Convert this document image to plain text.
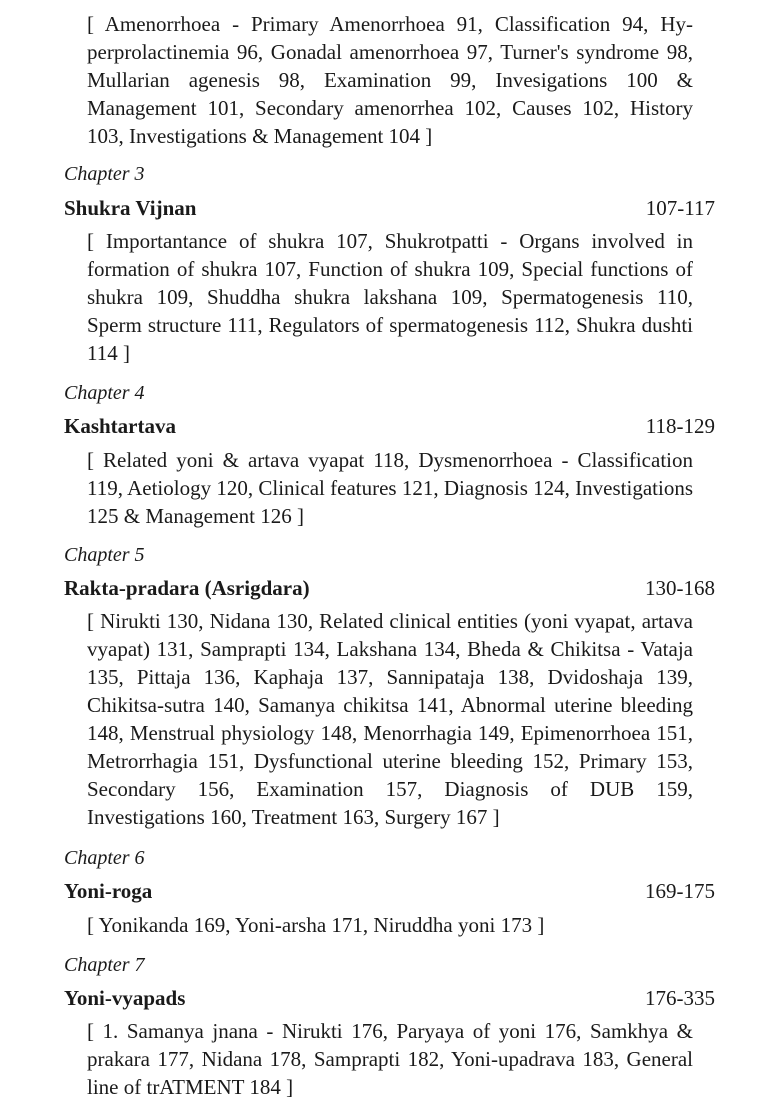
[ Amenorrhoea - Primary Amenorrhoea 91, Classification 94, Hyperprolactinemia 96, Gonadal amenorrhoea 97, Turner's syndrome 98, Mullarian agenesis 98, Examination 99, Invesigations 100 & Management 101, Secondary amenorrhea 102, Causes 102, History 103, Investigations & Management 104 ]
Chapter 3
Shukra Vijnan	107-117
[ Importantance of shukra 107, Shukrotpatti - Organs involved in formation of shukra 107, Function of shukra 109, Special functions of shukra 109, Shuddha shukra lakshana 109, Spermatogenesis 110, Sperm structure 111, Regulators of spermatogenesis 112, Shukra dushti 114 ]
Chapter 4
Kashtartava	118-129
[ Related yoni & artava vyapat 118, Dysmenorrhoea - Classification 119, Aetiology 120, Clinical features 121, Diagnosis 124, Investigations 125 & Management 126 ]
Chapter 5
Rakta-pradara (Asrigdara)	130-168
[ Nirukti 130, Nidana 130, Related clinical entities (yoni vyapat, artava vyapat) 131, Samprapti 134, Lakshana 134, Bheda & Chikitsa - Vataja 135, Pittaja 136, Kaphaja 137, Sannipataja 138, Dvidoshaja 139, Chikitsa-sutra 140, Samanya chikitsa 141, Abnormal uterine bleeding 148, Menstrual physiology 148, Menorrhagia 149, Epimenorrhoea 151, Metrorrhagia 151, Dysfunctional uterine bleeding 152, Primary 153, Secondary 156, Examination 157, Diagnosis of DUB 159, Investigations 160, Treatment 163, Surgery 167 ]
Chapter 6
Yoni-roga	169-175
[ Yonikanda 169, Yoni-arsha 171, Niruddha yoni 173 ]
Chapter 7
Yoni-vyapads	176-335
[ 1. Samanya jnana - Nirukti 176, Paryaya of yoni 176, Samkhya & prakara 177, Nidana 178, Samprapti 182, Yoni-upadrava 183, General line of trATMENT 184 ]
